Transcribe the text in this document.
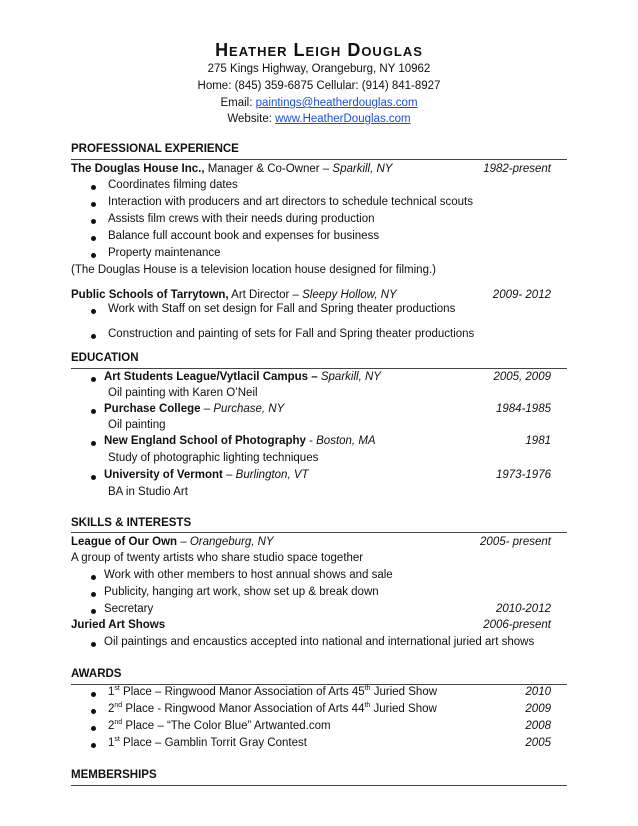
Heather Leigh Douglas
275 Kings Highway, Orangeburg, NY 10962
Home: (845) 359-6875 Cellular: (914) 841-8927
Email: paintings@heatherdouglas.com
Website: www.HeatherDouglas.com
PROFESSIONAL EXPERIENCE
The Douglas House Inc., Manager & Co-Owner – Sparkill, NY	1982-present
Coordinates filming dates
Interaction with producers and art directors to schedule technical scouts
Assists film crews with their needs during production
Balance full account book and expenses for business
Property maintenance
(The Douglas House is a television location house designed for filming.)
Public Schools of Tarrytown, Art Director – Sleepy Hollow, NY	2009- 2012
Work with Staff on set design for Fall and Spring theater productions
Construction and painting of sets for Fall and Spring theater productions
EDUCATION
Art Students League/Vytlacil Campus – Sparkill, NY	2005, 2009
Oil painting with Karen O’Neil
Purchase College – Purchase, NY	1984-1985
Oil painting
New England School of Photography - Boston, MA	1981
Study of photographic lighting techniques
University of Vermont – Burlington, VT	1973-1976
BA in Studio Art
SKILLS & INTERESTS
League of Our Own – Orangeburg, NY	2005- present
A group of twenty artists who share studio space together
Work with other members to host annual shows and sale
Publicity, hanging art work, show set up & break down
Secretary	2010-2012
Juried Art Shows	2006-present
Oil paintings and encaustics accepted into national and international juried art shows
AWARDS
1st Place – Ringwood Manor Association of Arts 45th Juried Show	2010
2nd Place - Ringwood Manor Association of Arts 44th Juried Show	2009
2nd Place – “The Color Blue” Artwanted.com	2008
1st Place – Gamblin Torrit Gray Contest	2005
MEMBERSHIPS
